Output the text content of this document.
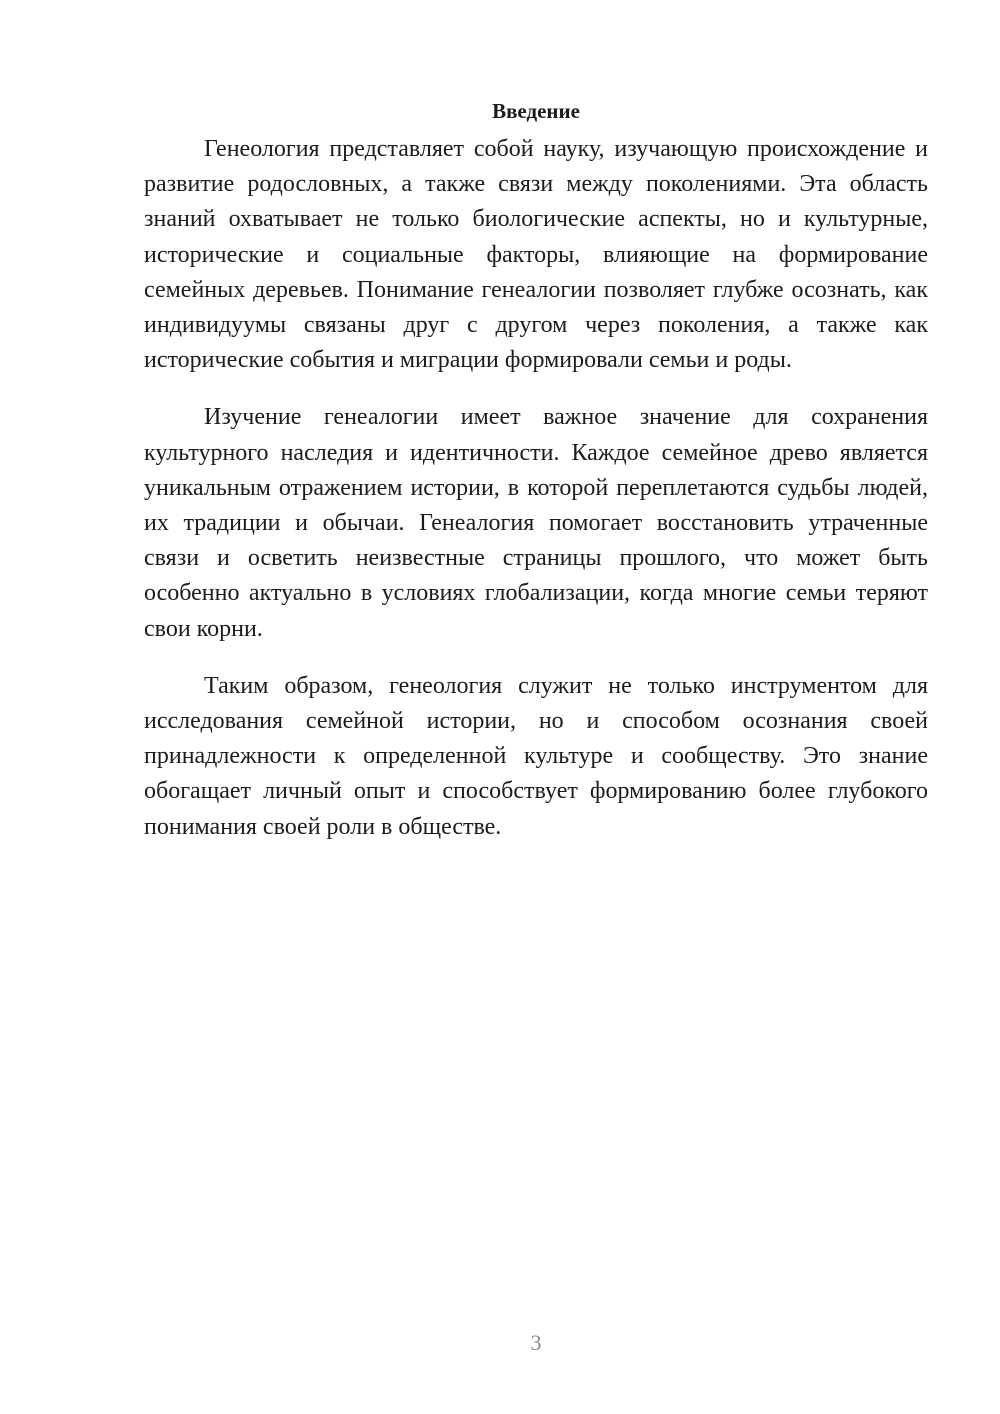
Введение

Генеология представляет собой науку, изучающую происхождение и развитие родословных, а также связи между поколениями. Эта область знаний охватывает не только биологические аспекты, но и культурные, исторические и социальные факторы, влияющие на формирование семейных деревьев. Понимание генеалогии позволяет глубже осознать, как индивидуумы связаны друг с другом через поколения, а также как исторические события и миграции формировали семьи и роды.

Изучение генеалогии имеет важное значение для сохранения культурного наследия и идентичности. Каждое семейное древо является уникальным отражением истории, в которой переплетаются судьбы людей, их традиции и обычаи. Генеалогия помогает восстановить утраченные связи и осветить неизвестные страницы прошлого, что может быть особенно актуально в условиях глобализации, когда многие семьи теряют свои корни.

Таким образом, генеология служит не только инструментом для исследования семейной истории, но и способом осознания своей принадлежности к определенной культуре и сообществу. Это знание обогащает личный опыт и способствует формированию более глубокого понимания своей роли в обществе.

3
